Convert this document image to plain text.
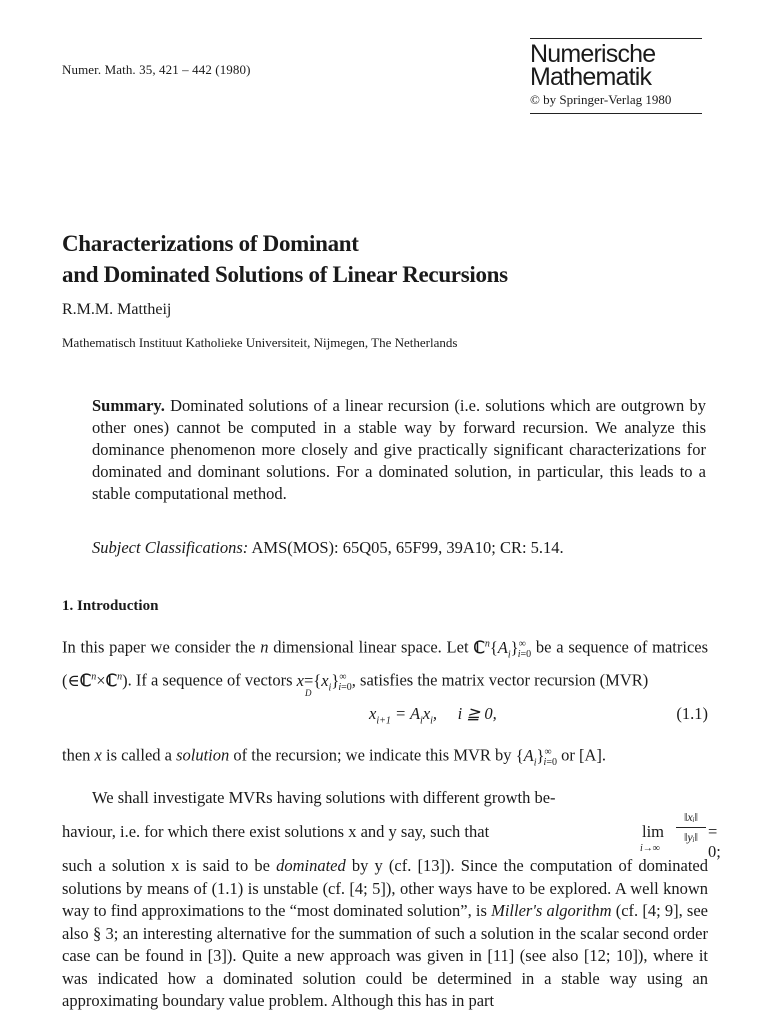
Numer. Math. 35, 421 – 442 (1980)
Numerische
Mathematik
© by Springer-Verlag 1980
Characterizations of Dominant
and Dominated Solutions of Linear Recursions
R.M.M. Mattheij
Mathematisch Instituut Katholieke Universiteit, Nijmegen, The Netherlands
Summary. Dominated solutions of a linear recursion (i.e. solutions which are outgrown by other ones) cannot be computed in a stable way by forward recursion. We analyze this dominance phenomenon more closely and give practically significant characterizations for dominated and dominant solutions. For a dominated solution, in particular, this leads to a stable computational method.
Subject Classifications: AMS(MOS): 65Q05, 65F99, 39A10; CR: 5.14.
1. Introduction
In this paper we consider the n dimensional linear space. Let $ℂ^n\{A_i\}^\infty_{i=0}$ be a sequence of matrices (∈ℂ$^n$×ℂ$^n$). If a sequence of vectors x=
D
$\{x_i\}^\infty_{i=0}$, satisfies the matrix vector recursion (MVR)
$x_{i+1} = A_ix_i$,     i ≧ 0,	(1.1)
then x is called a solution of the recursion; we indicate this MVR by $\{A_i\}^\infty_{i=0}$ or [A].
We shall investigate MVRs having solutions with different growth be-
haviour, i.e. for which there exist solutions x and y say, such that	lim
i→∞
‖xᵢ‖
‖yᵢ‖ = 0;
such a solution x is said to be dominated by y (cf. [13]). Since the computation of dominated solutions by means of (1.1) is unstable (cf. [4; 5]), other ways have to be explored. A well known way to find approximations to the “most dominated solution”, is Miller's algorithm (cf. [4; 9], see also § 3; an interesting alternative for the summation of such a solution in the scalar second order case can be found in [3]). Quite a new approach was given in [11] (see also [12; 10]), where it was indicated how a dominated solution could be determined in a stable way using an approximating boundary value problem. Although this has in part
